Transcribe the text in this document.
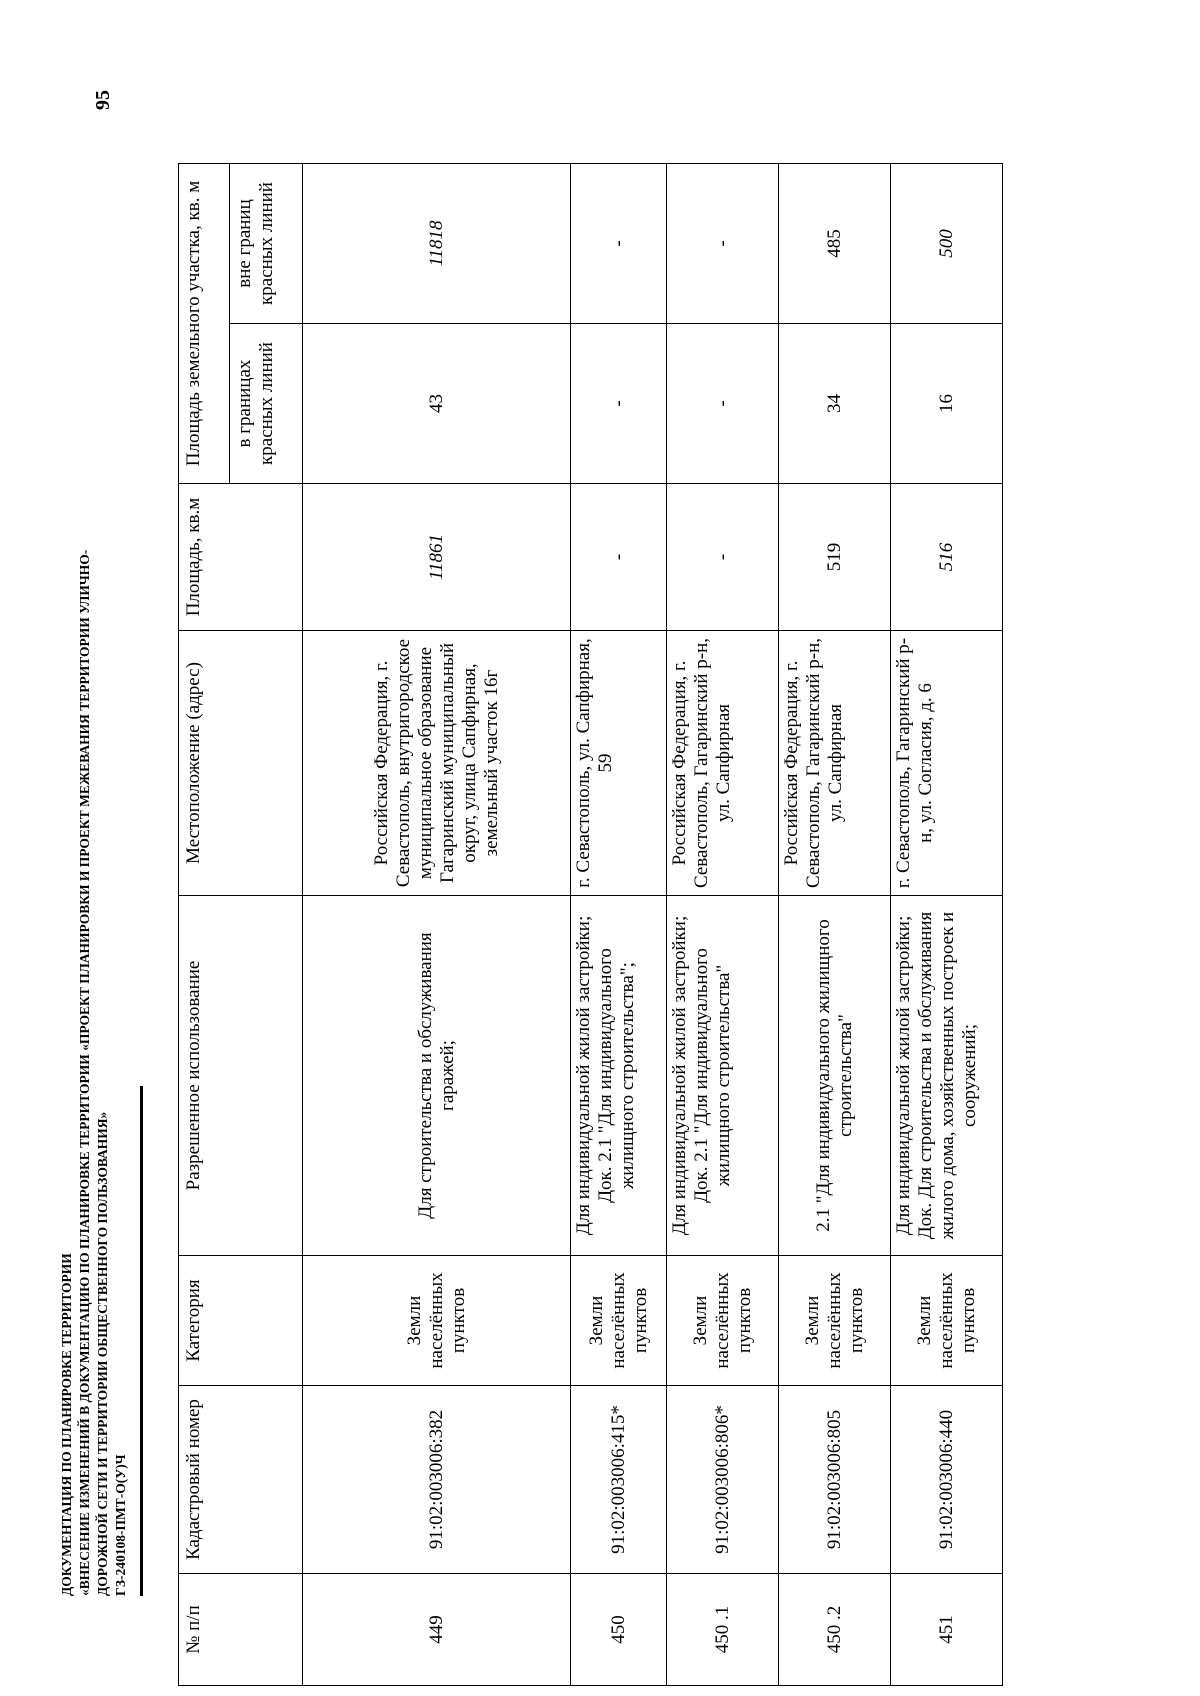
95
ДОКУМЕНТАЦИЯ ПО ПЛАНИРОВКЕ ТЕРРИТОРИИ «ВНЕСЕНИЕ ИЗМЕНЕНИЙ В ДОКУМЕНТАЦИЮ ПО ПЛАНИРОВКЕ ТЕРРИТОРИИ «ПРОЕКТ ПЛАНИРОВКИ И ПРОЕКТ МЕЖЕВАНИЯ ТЕРРИТОРИИ УЛИЧНО- ДОРОЖНОЙ СЕТИ И ТЕРРИТОРИИ ОБЩЕСТВЕННОГО ПОЛЬЗОВАНИЯ» ГЗ-240108-ПМТ-О(У)Ч
№ п/п	Кадастровый номер	Категория	Разрешенное использование	Местоположение (адрес)	Площадь, кв.м	Площадь земельного участка, кв. м	
						в границах красных линий	вне границ красных линий
449	91:02:003006:382	Земли населённых пунктов	Для строительства и обслуживания гаражей;	Российская Федерация, г. Севастополь, внутригородское муниципальное образование Гагаринский муниципальный округ, улица Сапфирная, земельный участок 16г	11861	43	11818
450	91:02:003006:415*	Земли населённых пунктов	Для индивидуальной жилой застройки; Док. 2.1 "Для индивидуального жилищного строительства";	г. Севастополь, ул. Сапфирная, 59	-	-	-
450 .1	91:02:003006:806*	Земли населённых пунктов	Для индивидуальной жилой застройки; Док. 2.1 "Для индивидуального жилищного строительства"	Российская Федерация, г. Севастополь, Гагаринский р-н, ул. Сапфирная	-	-	-
450 .2	91:02:003006:805	Земли населённых пунктов	2.1 "Для индивидуального жилищного строительства"	Российская Федерация, г. Севастополь, Гагаринский р-н, ул. Сапфирная	519	34	485
451	91:02:003006:440	Земли населённых пунктов	Для индивидуальной жилой застройки; Док. Для строительства и обслуживания жилого дома, хозяйственных построек и сооружений;	г. Севастополь, Гагаринский р-н, ул. Согласия, д. 6	516	16	500
